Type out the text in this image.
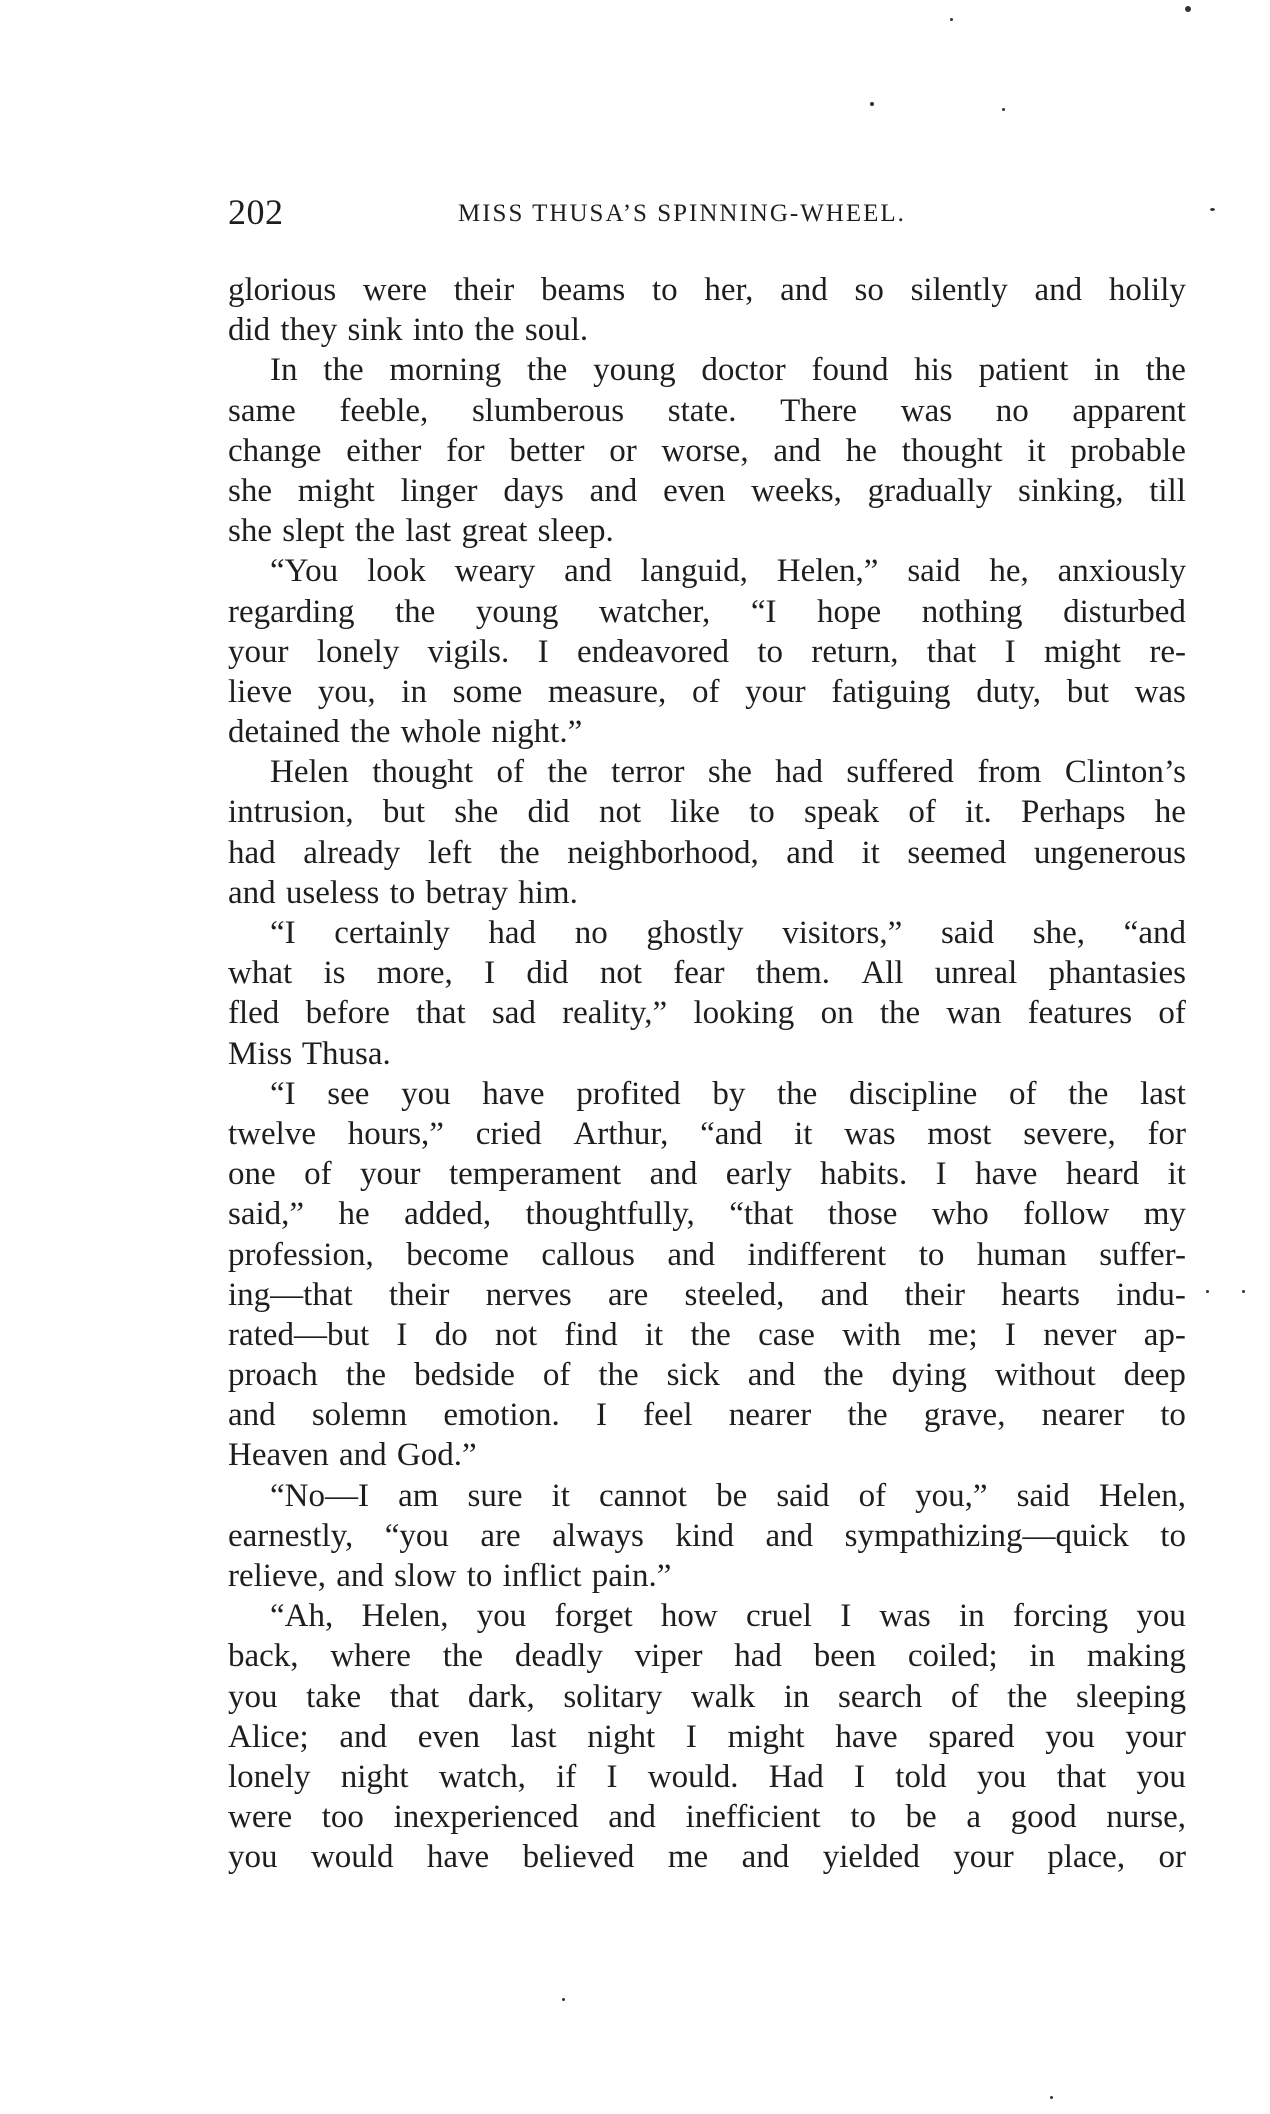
202	MISS THUSA’S SPINNING-WHEEL.
glorious were their beams to her, and so silently and holily
did they sink into the soul.
In the morning the young doctor found his patient in the
same feeble, slumberous state. There was no apparent
change either for better or worse, and he thought it probable
she might linger days and even weeks, gradually sinking, till
she slept the last great sleep.
“You look weary and languid, Helen,” said he, anxiously
regarding the young watcher, “I hope nothing disturbed
your lonely vigils. I endeavored to return, that I might re-
lieve you, in some measure, of your fatiguing duty, but was
detained the whole night.”
Helen thought of the terror she had suffered from Clinton’s
intrusion, but she did not like to speak of it. Perhaps he
had already left the neighborhood, and it seemed ungenerous
and useless to betray him.
“I certainly had no ghostly visitors,” said she, “and
what is more, I did not fear them. All unreal phantasies
fled before that sad reality,” looking on the wan features of
Miss Thusa.
“I see you have profited by the discipline of the last
twelve hours,” cried Arthur, “and it was most severe, for
one of your temperament and early habits. I have heard it
said,” he added, thoughtfully, “that those who follow my
profession, become callous and indifferent to human suffer-
ing—that their nerves are steeled, and their hearts indu-
rated—but I do not find it the case with me; I never ap-
proach the bedside of the sick and the dying without deep
and solemn emotion. I feel nearer the grave, nearer to
Heaven and God.”
“No—I am sure it cannot be said of you,” said Helen,
earnestly, “you are always kind and sympathizing—quick to
relieve, and slow to inflict pain.”
“Ah, Helen, you forget how cruel I was in forcing you
back, where the deadly viper had been coiled; in making
you take that dark, solitary walk in search of the sleeping
Alice; and even last night I might have spared you your
lonely night watch, if I would. Had I told you that you
were too inexperienced and inefficient to be a good nurse,
you would have believed me and yielded your place, or
